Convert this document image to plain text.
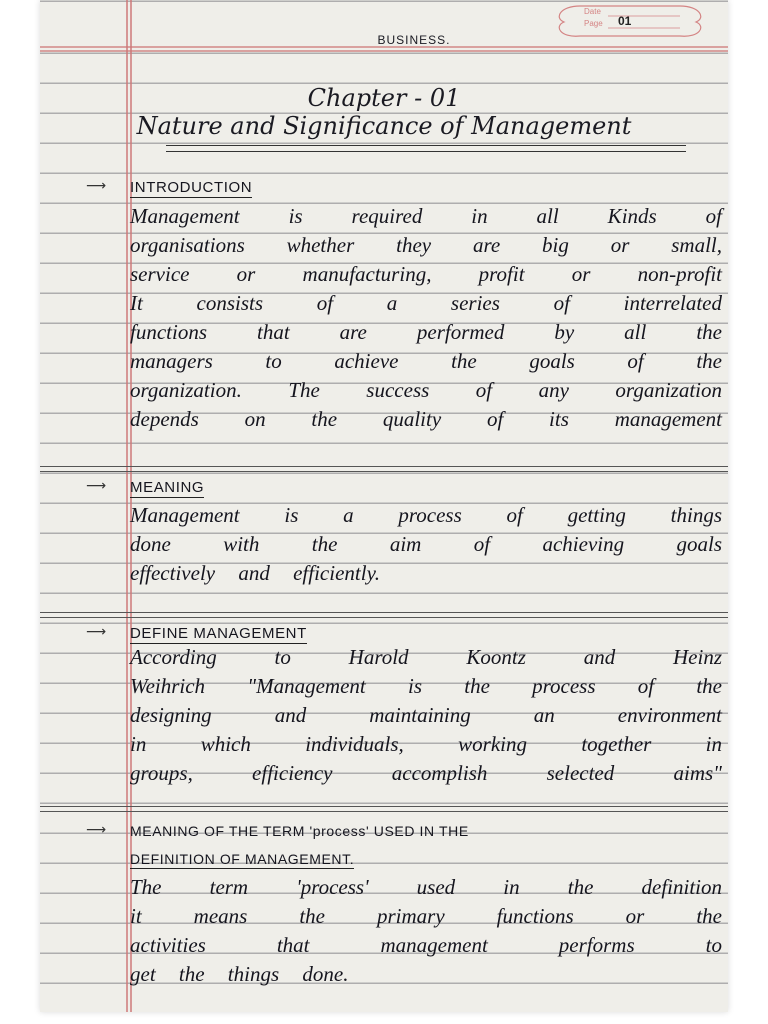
Date
Page 01
BUSINESS.
Chapter - 01
Nature and Significance of Management
⟶ INTRODUCTION
Management is required in all Kinds of
organisations whether they are big or small,
service or manufacturing, profit or non-profit
It consists of a series of interrelated
functions that are performed by all the
managers to achieve the goals of the
organization. The success of any organization
depends on the quality of its management
⟶ MEANING
Management is a process of getting things
done with the aim of achieving goals
effectively and efficiently.
⟶ DEFINE MANAGEMENT
According to Harold Koontz and Heinz
Weihrich "Management is the process of the
designing and maintaining an environment
in which individuals, working together in
groups, efficiency accomplish selected aims"
⟶ MEANING OF THE TERM 'process' USED IN THE
DEFINITION OF MANAGEMENT.
The term 'process' used in the definition
it means the primary functions or the
activities that management performs to
get the things done.
